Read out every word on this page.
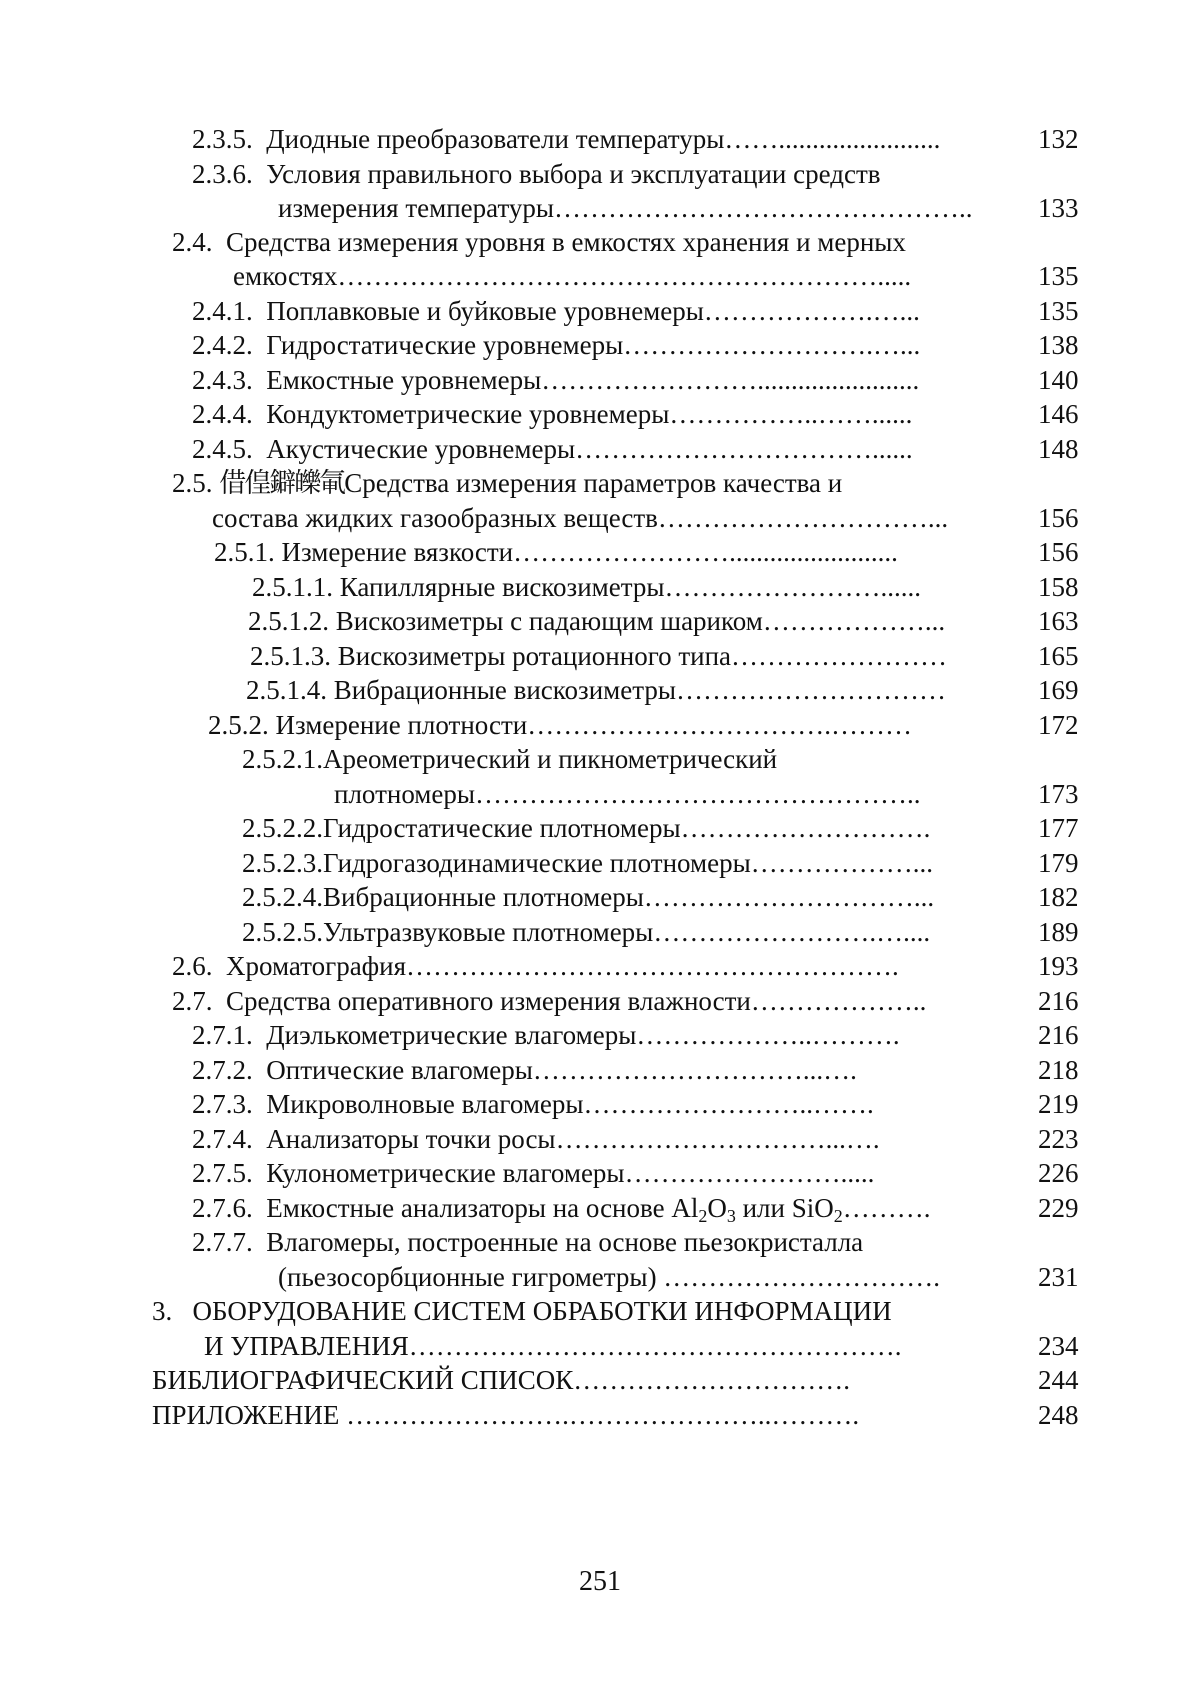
2.3.5. Диодные преобразователи температуры……........................	132
2.3.6. Условия правильного выбора и эксплуатации средств
измерения температуры……………………………………….. 133
2.4. Средства измерения уровня в емкостях хранения и мерных
емкостях…………………………………………………….....	135
2.4.1. Поплавковые и буйковые уровнемеры……………….…...	135
2.4.2. Гидростатические уровнемеры……………………….…...	138
2.4.3. Емкостные уровнемеры……………………........................	140
2.4.4. Кондуктометрические уровнемеры……………..……......	146
2.4.5. Акустические уровнемеры……………………………......	148
2.5. 借偟鐴皪氠Средства измерения параметров качества и
состава жидких газообразных веществ…………………………...	156
2.5.1. Измерение вязкости…………………….........................	156
2.5.1.1. Капиллярные вискозиметры……………………......	158
2.5.1.2. Вискозиметры с падающим шариком………………...	163
2.5.1.3. Вискозиметры ротационного типа……………………	165
2.5.1.4. Вибрационные вискозиметры…………………………	169
2.5.2. Измерение плотности…………………………….………	172
2.5.2.1.Ареометрический и пикнометрический
плотномеры…………………………………………..	173
2.5.2.2.Гидростатические плотномеры……………………….	177
2.5.2.3.Гидрогазодинамические плотномеры………………...	179
2.5.2.4.Вибрационные плотномеры…………………………...	182
2.5.2.5.Ультразвуковые плотномеры…………………….…....	189
2.6. Хроматография……………………………………………….	193
2.7. Средства оперативного измерения влажности………………..	216
2.7.1. Диэлькометрические влагомеры………………..……….	216
2.7.2. Оптические влагомеры…………………………...….	218
2.7.3. Микроволновые влагомеры……………………..…….	219
2.7.4. Анализаторы точки росы…………………………...….	223
2.7.5. Кулонометрические влагомеры…………………….....	226
2.7.6. Емкостные анализаторы на основе $Al_2O_3$ или SiO$_2$……….	229
2.7.7. Влагомеры, построенные на основе пьезокристалла
(пьезосорбционные гигрометры) ………………………….	231
3. ОБОРУДОВАНИЕ СИСТЕМ ОБРАБОТКИ ИНФОРМАЦИИ
И УПРАВЛЕНИЯ……………………………………………….	234
БИБЛИОГРАФИЧЕСКИЙ СПИСОК………………………….	244
ПРИЛОЖЕНИЕ …………………….…………………..……….	248
251
